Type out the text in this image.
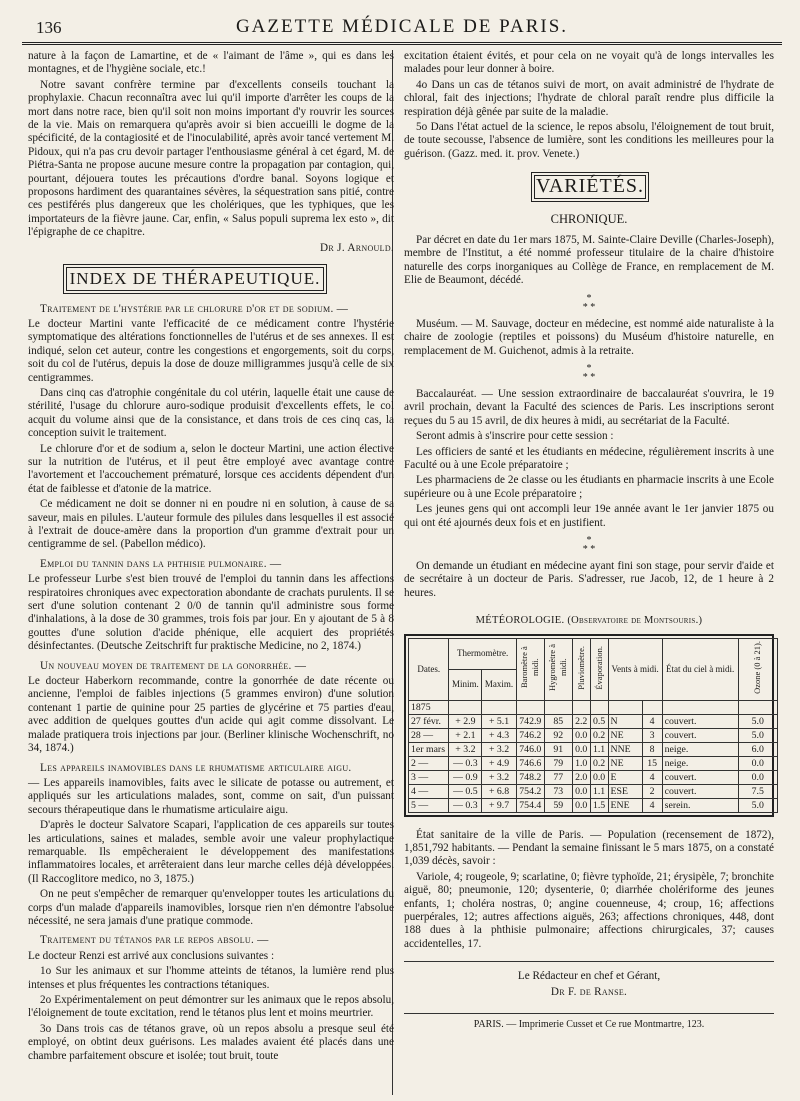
136	GAZETTE MÉDICALE DE PARIS.

nature à la façon de Lamartine, et de « l'aimant de l'âme », qui es dans les montagnes, et de l'hygiène sociale, etc.!

Notre savant confrère termine par d'excellents conseils touchant la prophylaxie. Chacun reconnaîtra avec lui qu'il importe d'arrêter les coups de la mort dans notre race, bien qu'il soit non moins important d'y rouvrir les sources de la vie. Mais on remarquera qu'après avoir si bien accueilli le dogme de la spécificité, de la contagiosité et de l'inoculabilité, après avoir tancé vertement M. Pidoux, qui n'a pas cru devoir partager l'enthousiasme général à cet égard, M. de Piétra-Santa ne propose aucune mesure contre la propagation par contagion, qui, pourtant, déjouera toutes les précautions d'ordre banal. Soyons logique et proposons hardiment des quarantaines sévères, la séquestration sans pitié, contre ces pestiférés plus dangereux que les cholériques, que les typhiques, que les importateurs de la fièvre jaune. Car, enfin, « Salus populi suprema lex esto », dit l'épigraphe de ce chapitre.

Dr J. Arnould.
INDEX DE THÉRAPEUTIQUE.

Traitement de l'hystérie par le chlorure d'or et de sodium. —

Le docteur Martini vante l'efficacité de ce médicament contre l'hystérie symptomatique des altérations fonctionnelles de l'utérus et de ses annexes. Il est indiqué, selon cet auteur, contre les congestions et engorgements, soit du corps, soit du col de l'utérus, depuis la dose de douze milligrammes jusqu'à celle de six centigrammes.

Dans cinq cas d'atrophie congénitale du col utérin, laquelle était une cause de stérilité, l'usage du chlorure auro-sodique produisit d'excellents effets, le col acquit du volume ainsi que de la consistance, et dans trois de ces cinq cas, la conception suivit le traitement.

Le chlorure d'or et de sodium a, selon le docteur Martini, une action élective sur la nutrition de l'utérus, et il peut être employé avec avantage contre l'avortement et l'accouchement prématuré, lorsque ces accidents dépendent d'un état de faiblesse et d'atonie de la matrice.

Ce médicament ne doit se donner ni en poudre ni en solution, à cause de sa saveur, mais en pilules. L'auteur formule des pilules dans lesquelles il est associé à l'extrait de douce-amère dans la proportion d'un gramme d'extrait pour un centigramme de sel. (Pabellon médico).

Emploi du tannin dans la phthisie pulmonaire. —

Le professeur Lurbe s'est bien trouvé de l'emploi du tannin dans les affections respiratoires chroniques avec expectoration abondante de crachats purulents. Il se sert d'une solution contenant 2 0/0 de tannin qu'il administre sous forme d'inhalations, à la dose de 30 grammes, trois fois par jour. En y ajoutant de 5 à 8 gouttes d'une solution d'acide phénique, elle acquiert des propriétés désinfectantes. (Deutsche Zeitschrift fur praktische Medicine, no 2, 1874.)

Un nouveau moyen de traitement de la gonorrhée. —

Le docteur Haberkorn recommande, contre la gonorrhée de date récente ou ancienne, l'emploi de faibles injections (5 grammes environ) d'une solution contenant 1 partie de quinine pour 25 parties de glycérine et 75 parties d'eau, avec addition de quelques gouttes d'un acide qui agit comme dissolvant. Le malade pratiquera trois injections par jour. (Berliner klinische Wochenschrift, no 34, 1874.)

Les appareils inamovibles dans le rhumatisme articulaire aigu.

— Les appareils inamovibles, faits avec le silicate de potasse ou autrement, et appliqués sur les articulations malades, sont, comme on sait, d'un puissant secours thérapeutique dans le rhumatisme articulaire aigu.

D'après le docteur Salvatore Scapari, l'application de ces appareils sur toutes les articulations, saines et malades, semble avoir une valeur prophylactique remarquable. Ils empêcheraient le développement des manifestations inflammatoires locales, et arrêteraient dans leur marche celles déjà développées. (Il Raccoglitore medico, no 3, 1875.)

On ne peut s'empêcher de remarquer qu'envelopper toutes les articulations du corps d'un malade d'appareils inamovibles, lorsque rien n'en démontre l'absolue nécessité, ne sera jamais d'une pratique commode.

Traitement du tétanos par le repos absolu. —

Le docteur Renzi est arrivé aux conclusions suivantes :

1o Sur les animaux et sur l'homme atteints de tétanos, la lumière rend plus intenses et plus fréquentes les contractions tétaniques.

2o Expérimentalement on peut démontrer sur les animaux que le repos absolu, l'éloignement de toute excitation, rend le tétanos plus lent et moins meurtrier.

3o Dans trois cas de tétanos grave, où un repos absolu a presque seul été employé, on obtint deux guérisons. Les malades avaient été placés dans une chambre parfaitement obscure et isolée; tout bruit, toute

excitation étaient évités, et pour cela on ne voyait qu'à de longs intervalles les malades pour leur donner à boire.

4o Dans un cas de tétanos suivi de mort, on avait administré de l'hydrate de chloral, fait des injections; l'hydrate de chloral paraît rendre plus difficile la respiration déjà gênée par suite de la maladie.

5o Dans l'état actuel de la science, le repos absolu, l'éloignement de tout bruit, de toute secousse, l'absence de lumière, sont les conditions les meilleures pour la guérison. (Gazz. med. it. prov. Venete.)

VARIÉTÉS.
CHRONIQUE.

Par décret en date du 1er mars 1875, M. Sainte-Claire Deville (Charles-Joseph), membre de l'Institut, a été nommé professeur titulaire de la chaire d'histoire naturelle des corps inorganiques au Collège de France, en remplacement de M. Elie de Beaumont, décédé.

*
* *

Muséum. — M. Sauvage, docteur en médecine, est nommé aide naturaliste à la chaire de zoologie (reptiles et poissons) du Muséum d'histoire naturelle, en remplacement de M. Guichenot, admis à la retraite.

*
* *

Baccalauréat. — Une session extraordinaire de baccalauréat s'ouvrira, le 19 avril prochain, devant la Faculté des sciences de Paris. Les inscriptions seront reçues du 5 au 15 avril, de dix heures à midi, au secrétariat de la Faculté.

Seront admis à s'inscrire pour cette session :

Les officiers de santé et les étudiants en médecine, régulièrement inscrits à une Faculté ou à une Ecole préparatoire ;

Les pharmaciens de 2e classe ou les étudiants en pharmacie inscrits à une Ecole supérieure ou à une Ecole préparatoire ;

Les jeunes gens qui ont accompli leur 19e année avant le 1er janvier 1875 ou qui ont été ajournés deux fois et en justifient.

*
* *

On demande un étudiant en médecine ayant fini son stage, pour servir d'aide et de secrétaire à un docteur de Paris. S'adresser, rue Jacob, 12, de 1 heure à 2 heures.

MÉTÉOROLOGIE. (Observatoire de Montsouris.)
Dates.	Thermomètre.		Baromètre à midi.	Hygromètre à midi.	Pluviomètre.	Évaporation.	Vents à midi.		État du ciel à midi.	Ozone (0 à 21).
	Minim.	Maxim.								
1875										
27 févr.	+ 2.9	+ 5.1	742.9	85	2.2	0.5	N	4	couvert.	5.0
28 —	+ 2.1	+ 4.3	746.2	92	0.0	0.2	NE	3	couvert.	5.0
1er mars	+ 3.2	+ 3.2	746.0	91	0.0	1.1	NNE	8	neige.	6.0
2 —	— 0.3	+ 4.9	746.6	79	1.0	0.2	NE	15	neige.	0.0
3 —	— 0.9	+ 3.2	748.2	77	2.0	0.0	E	4	couvert.	0.0
4 —	— 0.5	+ 6.8	754.2	73	0.0	1.1	ESE	2	couvert.	7.5
5 —	— 0.3	+ 9.7	754.4	59	0.0	1.5	ENE	4	serein.	5.0

État sanitaire de la ville de Paris. — Population (recensement de 1872), 1,851,792 habitants. — Pendant la semaine finissant le 5 mars 1875, on a constaté 1,039 décès, savoir :

Variole, 4; rougeole, 9; scarlatine, 0; fièvre typhoïde, 21; érysipèle, 7; bronchite aiguë, 80; pneumonie, 120; dysenterie, 0; diarrhée cholériforme des jeunes enfants, 1; choléra nostras, 0; angine couenneuse, 4; croup, 16; affections puerpérales, 12; autres affections aiguës, 263; affections chroniques, 448, dont 188 dues à la phthisie pulmonaire; affections chirurgicales, 37; causes accidentelles, 17.

Le Rédacteur en chef et Gérant,
Dr F. de Ranse.
PARIS. — Imprimerie Cusset et Ce rue Montmartre, 123.
